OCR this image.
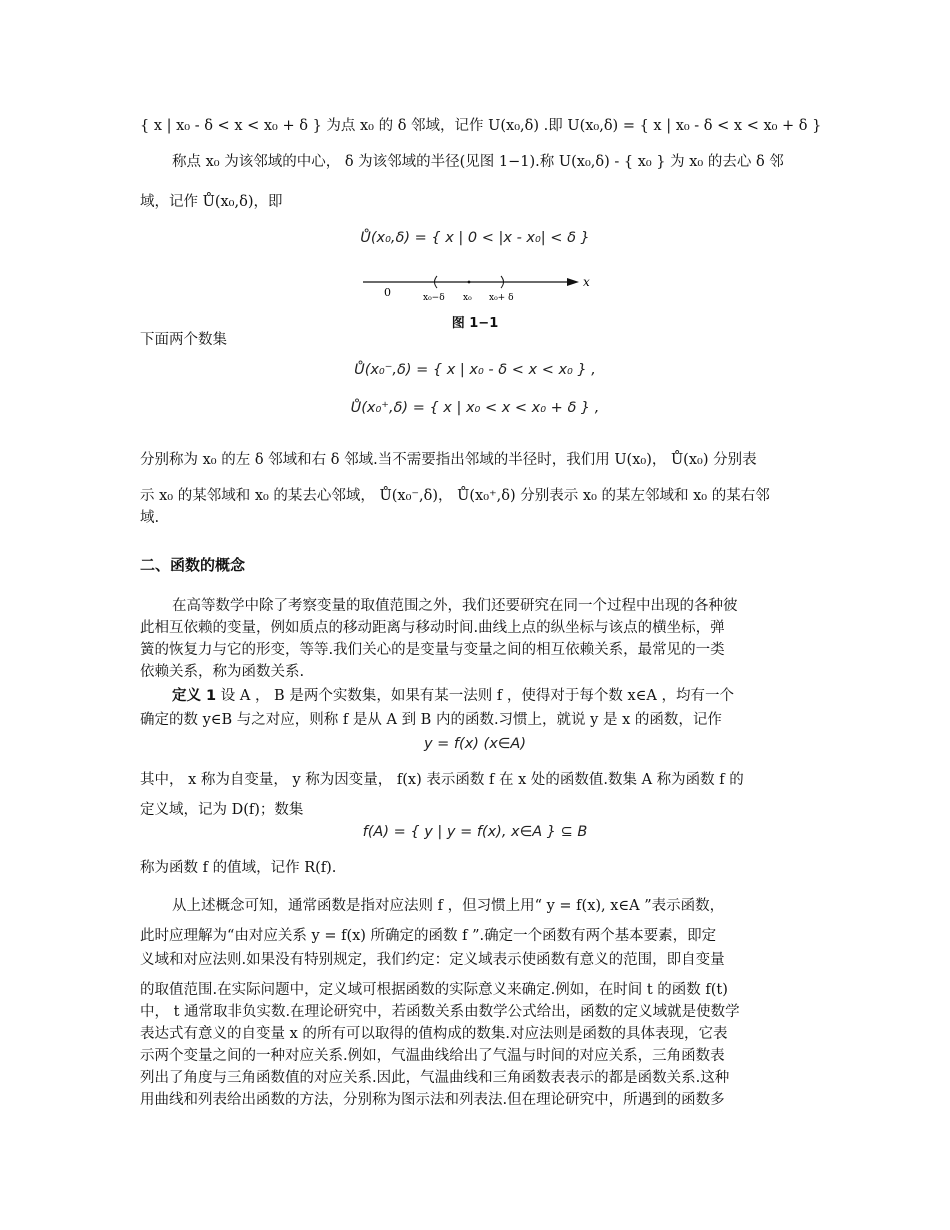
{ x | x₀ - δ < x < x₀ + δ } 为点 x₀ 的 δ 邻域，记作 U(x₀,δ) .即 U(x₀,δ) = { x | x₀ - δ < x < x₀ + δ }
称点 x₀ 为该邻域的中心， δ 为该邻域的半径(见图 1−1).称 U(x₀,δ) - { x₀ } 为 x₀ 的去心 δ 邻
域，记作 Ů(x₀,δ)，即
Ů(x₀,δ) = { x | 0 < |x - x₀| < δ }
x
0	x₀−δ x₀ x₀+ δ
图 1−1
下面两个数集
Ů(x₀⁻,δ) = { x | x₀ - δ < x < x₀ } ,
Ů(x₀⁺,δ) = { x | x₀ < x < x₀ + δ } ,
分别称为 x₀ 的左 δ 邻域和右 δ 邻域.当不需要指出邻域的半径时，我们用 U(x₀)， Ů(x₀) 分别表
示 x₀ 的某邻域和 x₀ 的某去心邻域， Ů(x₀⁻,δ)， Ů(x₀⁺,δ) 分别表示 x₀ 的某左邻域和 x₀ 的某右邻
域.
二、函数的概念
在高等数学中除了考察变量的取值范围之外，我们还要研究在同一个过程中出现的各种彼
此相互依赖的变量，例如质点的移动距离与移动时间.曲线上点的纵坐标与该点的横坐标，弹
簧的恢复力与它的形变，等等.我们关心的是变量与变量之间的相互依赖关系，最常见的一类
依赖关系，称为函数关系.
定义 1 设 A ， B 是两个实数集，如果有某一法则 f ，使得对于每个数 x∈A ，均有一个
确定的数 y∈B 与之对应，则称 f 是从 A 到 B 内的函数.习惯上，就说 y 是 x 的函数，记作
y = f(x) (x∈A)
其中， x 称为自变量， y 称为因变量， f(x) 表示函数 f 在 x 处的函数值.数集 A 称为函数 f 的
定义域，记为 D(f)；数集
f(A) = { y | y = f(x), x∈A } ⊆ B
称为函数 f 的值域，记作 R(f).
从上述概念可知，通常函数是指对应法则 f ，但习惯上用“ y = f(x), x∈A ”表示函数，
此时应理解为“由对应关系 y = f(x) 所确定的函数 f ”.确定一个函数有两个基本要素，即定
义域和对应法则.如果没有特别规定，我们约定：定义域表示使函数有意义的范围，即自变量
的取值范围.在实际问题中，定义域可根据函数的实际意义来确定.例如，在时间 t 的函数 f(t)
中， t 通常取非负实数.在理论研究中，若函数关系由数学公式给出，函数的定义域就是使数学
表达式有意义的自变量 x 的所有可以取得的值构成的数集.对应法则是函数的具体表现，它表
示两个变量之间的一种对应关系.例如，气温曲线给出了气温与时间的对应关系，三角函数表
列出了角度与三角函数值的对应关系.因此，气温曲线和三角函数表表示的都是函数关系.这种
用曲线和列表给出函数的方法，分别称为图示法和列表法.但在理论研究中，所遇到的函数多
